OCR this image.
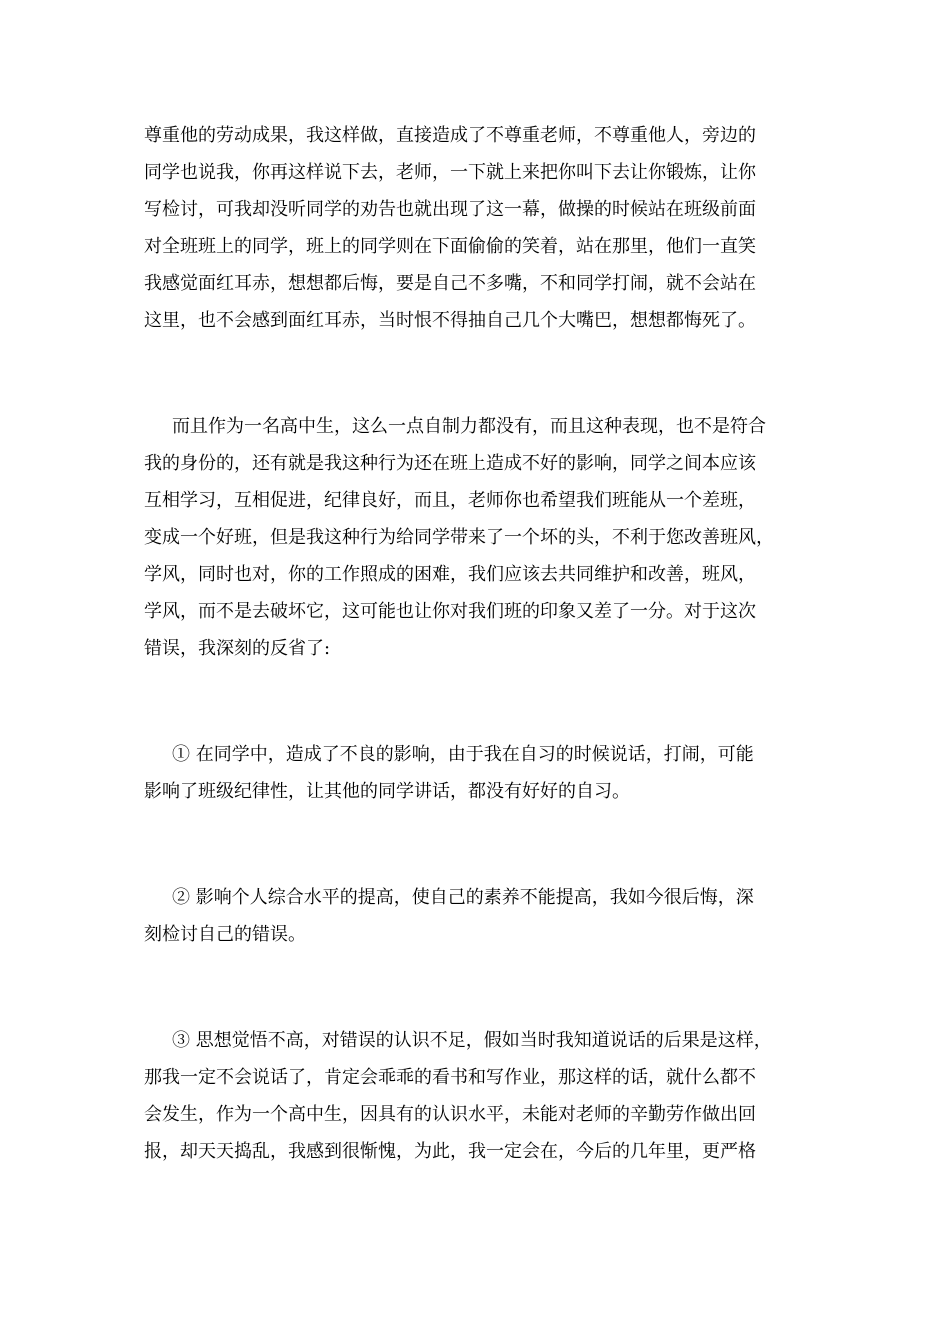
尊重他的劳动成果，我这样做，直接造成了不尊重老师，不尊重他人，旁边的
同学也说我，你再这样说下去，老师，一下就上来把你叫下去让你锻炼，让你
写检讨，可我却没听同学的劝告也就出现了这一幕，做操的时候站在班级前面
对全班班上的同学，班上的同学则在下面偷偷的笑着，站在那里，他们一直笑
我感觉面红耳赤，想想都后悔，要是自己不多嘴，不和同学打闹，就不会站在
这里，也不会感到面红耳赤，当时恨不得抽自己几个大嘴巴，想想都悔死了。
而且作为一名高中生，这么一点自制力都没有，而且这种表现，也不是符合
我的身份的，还有就是我这种行为还在班上造成不好的影响，同学之间本应该
互相学习，互相促进，纪律良好，而且，老师你也希望我们班能从一个差班，
变成一个好班，但是我这种行为给同学带来了一个坏的头，不利于您改善班风，
学风，同时也对，你的工作照成的困难，我们应该去共同维护和改善，班风，
学风，而不是去破坏它，这可能也让你对我们班的印象又差了一分。对于这次
错误，我深刻的反省了:
① 在同学中，造成了不良的影响，由于我在自习的时候说话，打闹，可能
影响了班级纪律性，让其他的同学讲话，都没有好好的自习。
② 影响个人综合水平的提高，使自己的素养不能提高，我如今很后悔，深
刻检讨自己的错误。
③ 思想觉悟不高，对错误的认识不足，假如当时我知道说话的后果是这样，
那我一定不会说话了，肯定会乖乖的看书和写作业，那这样的话，就什么都不
会发生，作为一个高中生，因具有的认识水平，未能对老师的辛勤劳作做出回
报，却天天捣乱，我感到很惭愧，为此，我一定会在，今后的几年里，更严格
